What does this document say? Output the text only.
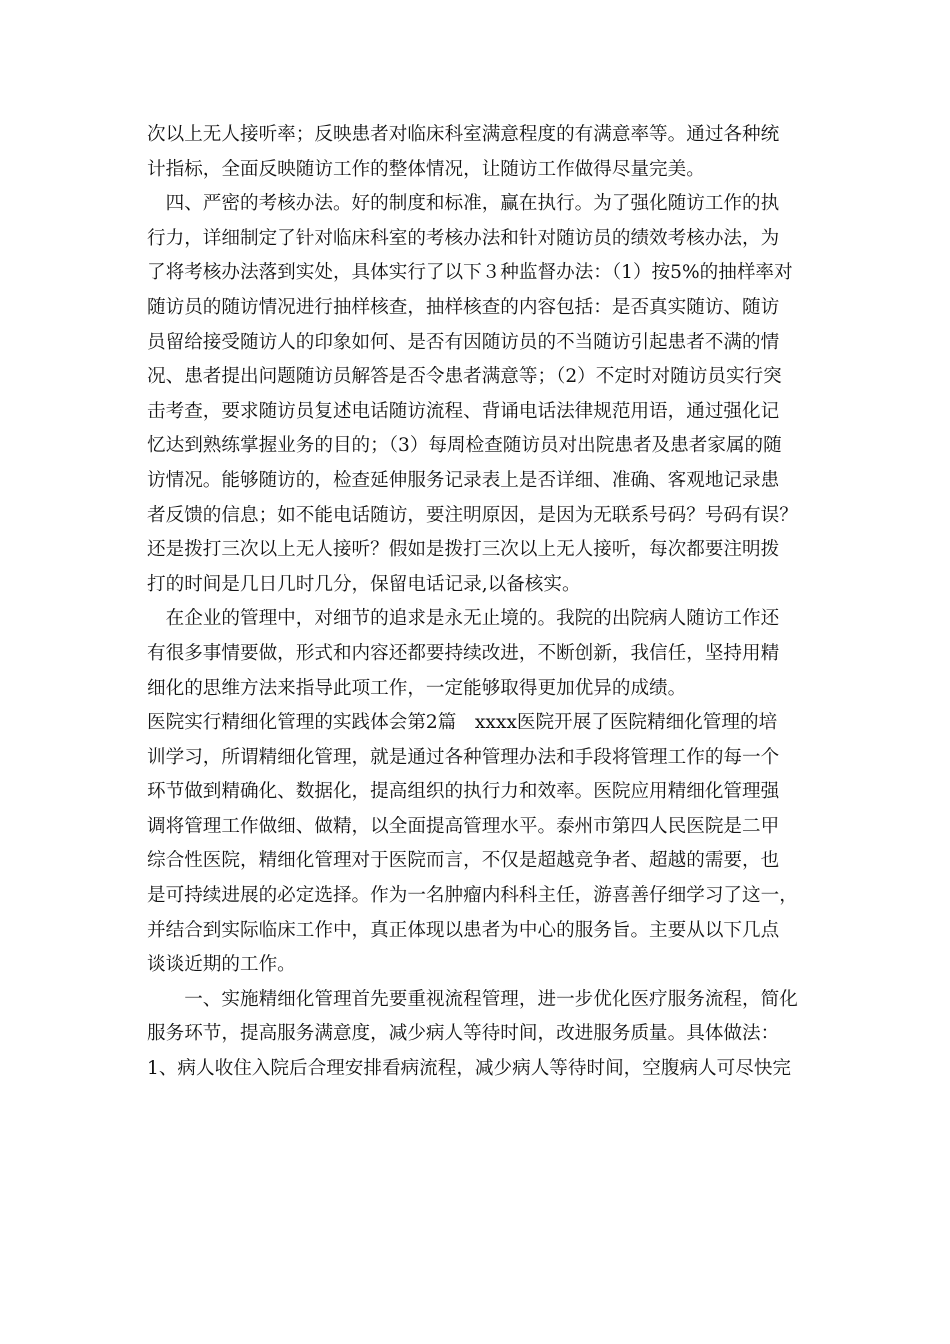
次以上无人接听率；反映患者对临床科室满意程度的有满意率等。通过各种统
计指标，全面反映随访工作的整体情况，让随访工作做得尽量完美。
　四、严密的考核办法。好的制度和标准，赢在执行。为了强化随访工作的执
行力，详细制定了针对临床科室的考核办法和针对随访员的绩效考核办法，为
了将考核办法落到实处，具体实行了以下３种监督办法：（1）按5%的抽样率对
随访员的随访情况进行抽样核查，抽样核查的内容包括：是否真实随访、随访
员留给接受随访人的印象如何、是否有因随访员的不当随访引起患者不满的情
况、患者提出问题随访员解答是否令患者满意等；（2）不定时对随访员实行突
击考查，要求随访员复述电话随访流程、背诵电话法律规范用语，通过强化记
忆达到熟练掌握业务的目的；（3）每周检查随访员对出院患者及患者家属的随
访情况。能够随访的，检查延伸服务记录表上是否详细、准确、客观地记录患
者反馈的信息；如不能电话随访，要注明原因，是因为无联系号码？号码有误？
还是拨打三次以上无人接听？假如是拨打三次以上无人接听，每次都要注明拨
打的时间是几日几时几分，保留电话记录,以备核实。
　在企业的管理中，对细节的追求是永无止境的。我院的出院病人随访工作还
有很多事情要做，形式和内容还都要持续改进，不断创新，我信任，坚持用精
细化的思维方法来指导此项工作，一定能够取得更加优异的成绩。
医院实行精细化管理的实践体会第2篇　xxxx医院开展了医院精细化管理的培
训学习，所谓精细化管理，就是通过各种管理办法和手段将管理工作的每一个
环节做到精确化、数据化，提高组织的执行力和效率。医院应用精细化管理强
调将管理工作做细、做精，以全面提高管理水平。泰州市第四人民医院是二甲
综合性医院，精细化管理对于医院而言，不仅是超越竞争者、超越的需要，也
是可持续进展的必定选择。作为一名肿瘤内科科主任，游喜善仔细学习了这一，
并结合到实际临床工作中，真正体现以患者为中心的服务旨。主要从以下几点
谈谈近期的工作。
　　一、实施精细化管理首先要重视流程管理，进一步优化医疗服务流程，简化
服务环节，提高服务满意度，减少病人等待时间，改进服务质量。具体做法：
1、病人收住入院后合理安排看病流程，减少病人等待时间，空腹病人可尽快完
